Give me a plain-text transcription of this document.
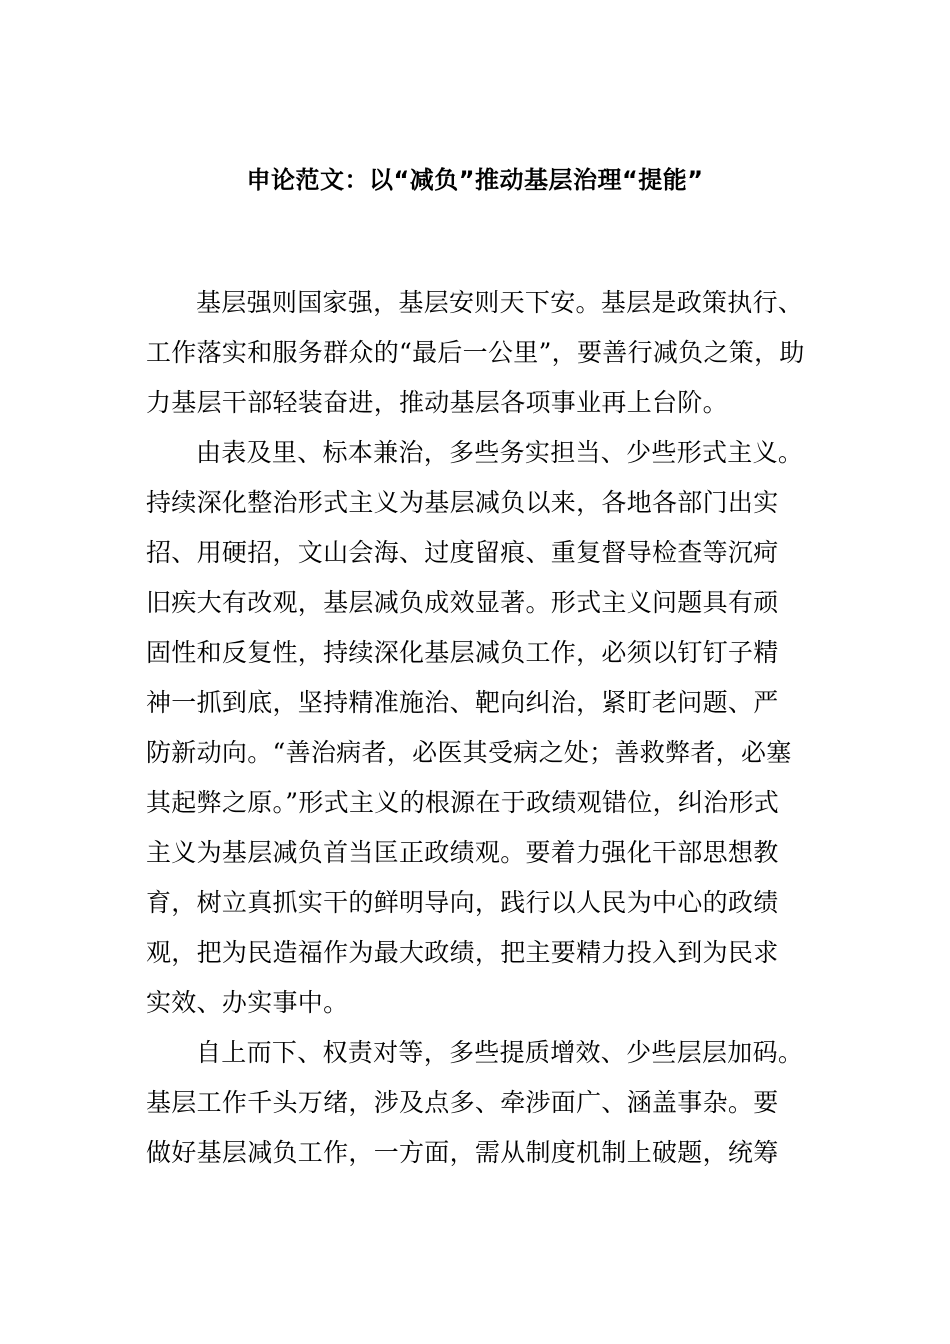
申论范文：以“减负”推动基层治理“提能”

基层强则国家强，基层安则天下安。基层是政策执行、
工作落实和服务群众的“最后一公里”，要善行减负之策，助
力基层干部轻装奋进，推动基层各项事业再上台阶。

由表及里、标本兼治，多些务实担当、少些形式主义。
持续深化整治形式主义为基层减负以来，各地各部门出实
招、用硬招，文山会海、过度留痕、重复督导检查等沉疴
旧疾大有改观，基层减负成效显著。形式主义问题具有顽
固性和反复性，持续深化基层减负工作，必须以钉钉子精
神一抓到底，坚持精准施治、靶向纠治，紧盯老问题、严
防新动向。“善治病者，必医其受病之处；善救弊者，必塞
其起弊之原。”形式主义的根源在于政绩观错位，纠治形式
主义为基层减负首当匡正政绩观。要着力强化干部思想教
育，树立真抓实干的鲜明导向，践行以人民为中心的政绩
观，把为民造福作为最大政绩，把主要精力投入到为民求
实效、办实事中。

自上而下、权责对等，多些提质增效、少些层层加码。
基层工作千头万绪，涉及点多、牵涉面广、涵盖事杂。要
做好基层减负工作，一方面，需从制度机制上破题，统筹
